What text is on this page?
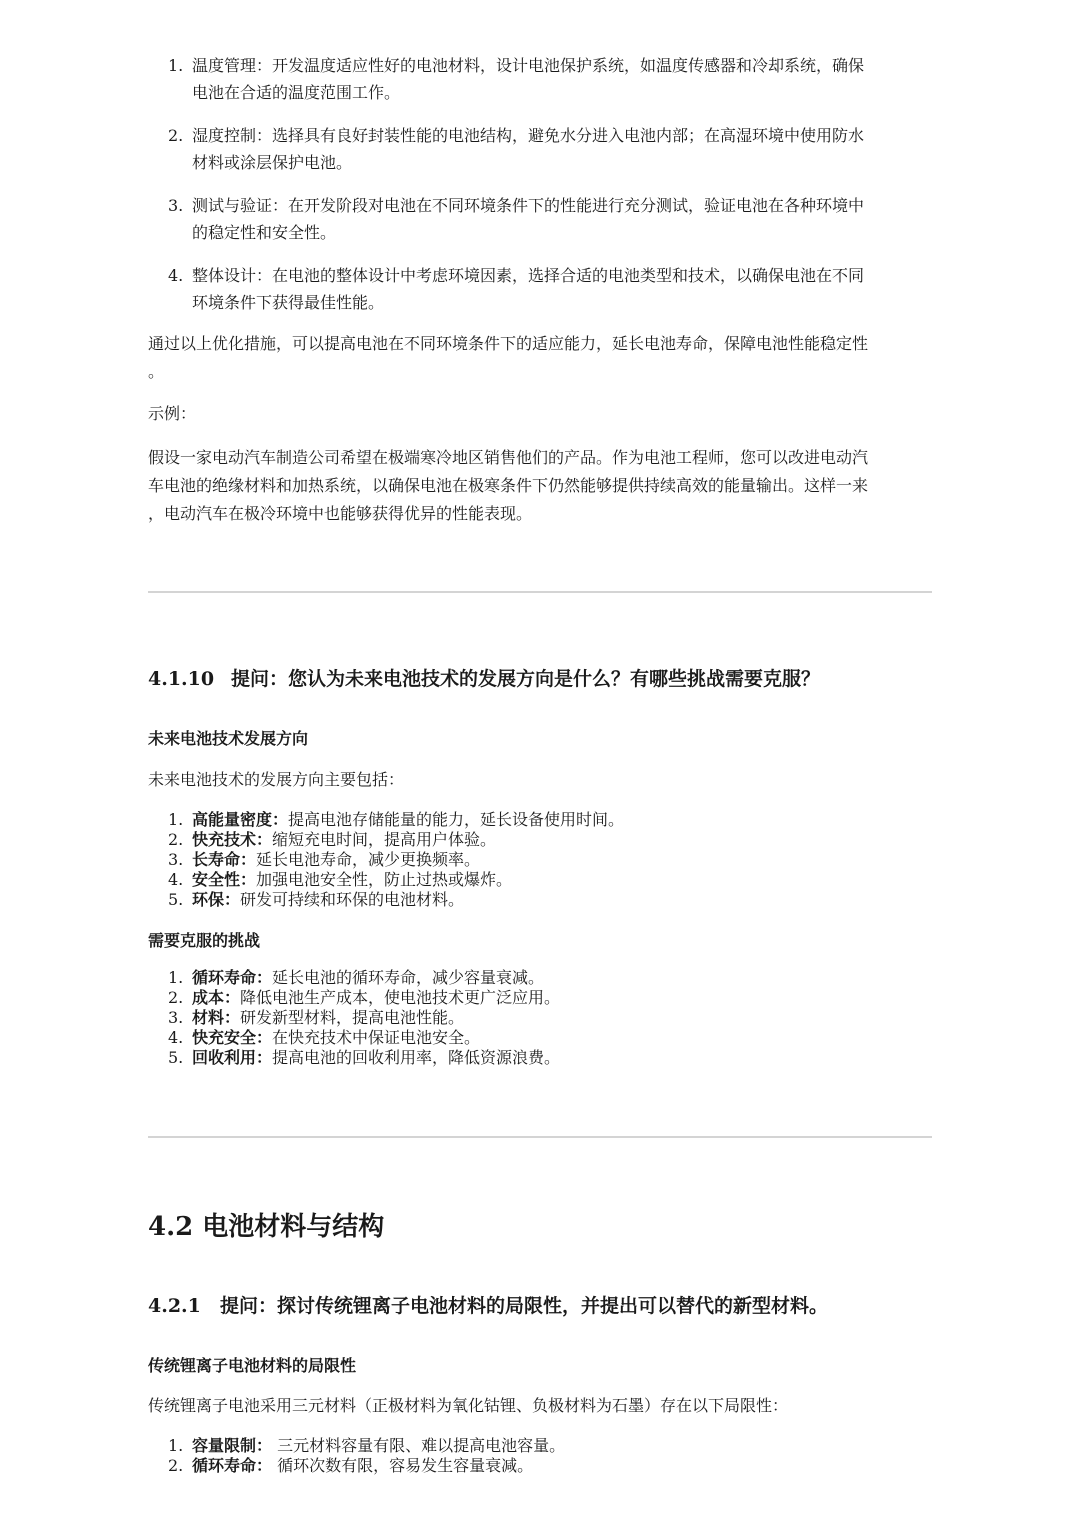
1. 温度管理：开发温度适应性好的电池材料，设计电池保护系统，如温度传感器和冷却系统，确保
电池在合适的温度范围工作。
2. 湿度控制：选择具有良好封装性能的电池结构，避免水分进入电池内部；在高湿环境中使用防水
材料或涂层保护电池。
3. 测试与验证：在开发阶段对电池在不同环境条件下的性能进行充分测试，验证电池在各种环境中
的稳定性和安全性。
4. 整体设计：在电池的整体设计中考虑环境因素，选择合适的电池类型和技术，以确保电池在不同
环境条件下获得最佳性能。

通过以上优化措施，可以提高电池在不同环境条件下的适应能力，延长电池寿命，保障电池性能稳定性
。

示例：

假设一家电动汽车制造公司希望在极端寒冷地区销售他们的产品。作为电池工程师，您可以改进电动汽
车电池的绝缘材料和加热系统，以确保电池在极寒条件下仍然能够提供持续高效的能量输出。这样一来
，电动汽车在极冷环境中也能够获得优异的性能表现。

4.1.10 提问：您认为未来电池技术的发展方向是什么？有哪些挑战需要克服？
未来电池技术发展方向

未来电池技术的发展方向主要包括：

1. 高能量密度：提高电池存储能量的能力，延长设备使用时间。
2. 快充技术：缩短充电时间，提高用户体验。
3. 长寿命：延长电池寿命，减少更换频率。
4. 安全性：加强电池安全性，防止过热或爆炸。
5. 环保：研发可持续和环保的电池材料。
需要克服的挑战
1. 循环寿命：延长电池的循环寿命，减少容量衰减。
2. 成本：降低电池生产成本，使电池技术更广泛应用。
3. 材料：研发新型材料，提高电池性能。
4. 快充安全：在快充技术中保证电池安全。
5. 回收利用：提高电池的回收利用率，降低资源浪费。
4.2 电池材料与结构
4.2.1 提问：探讨传统锂离子电池材料的局限性，并提出可以替代的新型材料。
传统锂离子电池材料的局限性

传统锂离子电池采用三元材料（正极材料为氧化钴锂、负极材料为石墨）存在以下局限性：

1. 容量限制： 三元材料容量有限、难以提高电池容量。
2. 循环寿命： 循环次数有限，容易发生容量衰减。
